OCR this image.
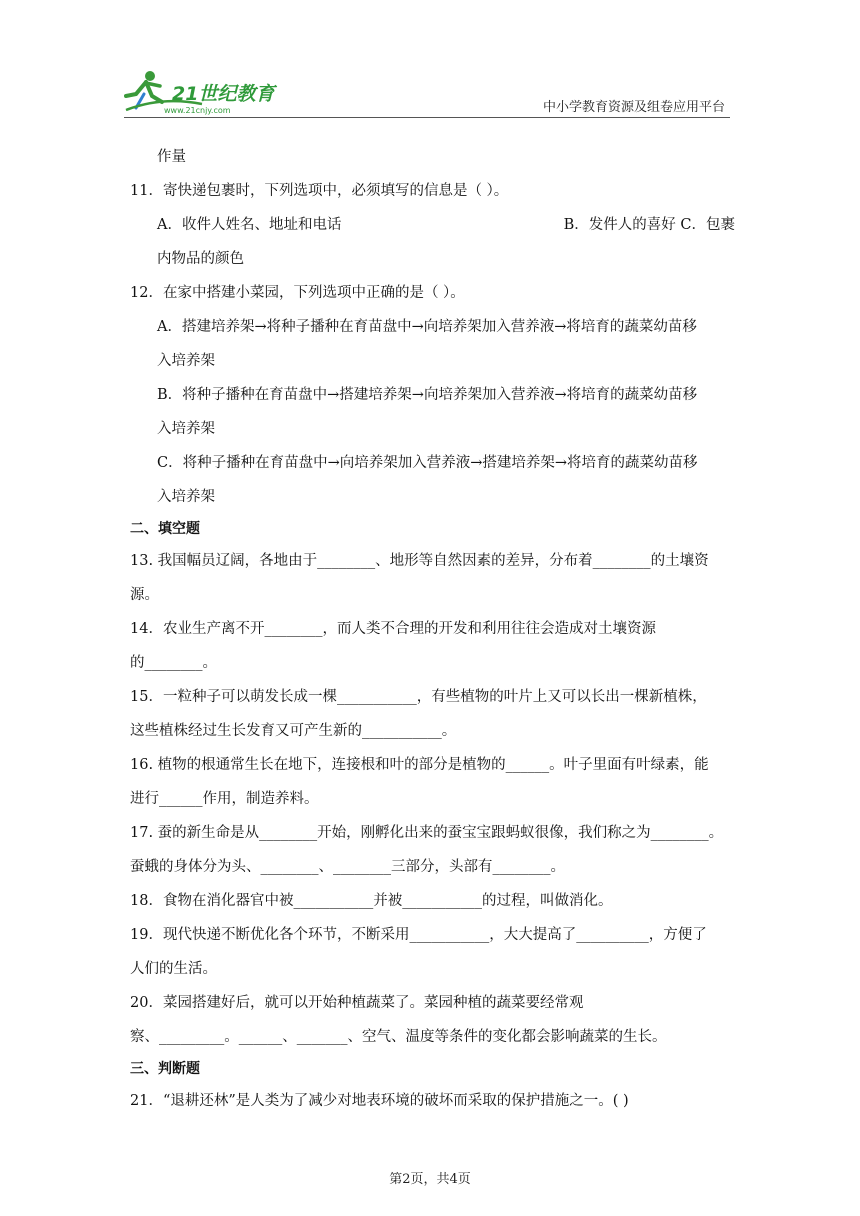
21世纪教育
www.21cnjy.com	中小学教育资源及组卷应用平台
作量
11．寄快递包裹时，下列选项中，必须填写的信息是（ ）。
A．收件人姓名、地址和电话	B．发件人的喜好 C．包裹
内物品的颜色
12．在家中搭建小菜园，下列选项中正确的是（ ）。
A．搭建培养架→将种子播种在育苗盘中→向培养架加入营养液→将培育的蔬菜幼苗移
入培养架
B．将种子播种在育苗盘中→搭建培养架→向培养架加入营养液→将培育的蔬菜幼苗移
入培养架
C．将种子播种在育苗盘中→向培养架加入营养液→搭建培养架→将培育的蔬菜幼苗移
入培养架
二、填空题
13. 我国幅员辽阔，各地由于________、地形等自然因素的差异，分布着________的土壤资
源。
14．农业生产离不开________，而人类不合理的开发和利用往往会造成对土壤资源
的________。
15．一粒种子可以萌发长成一棵___________，有些植物的叶片上又可以长出一棵新植株，
这些植株经过生长发育又可产生新的___________。
16. 植物的根通常生长在地下，连接根和叶的部分是植物的______。叶子里面有叶绿素，能
进行______作用，制造养料。
17. 蚕的新生命是从________开始，刚孵化出来的蚕宝宝跟蚂蚁很像，我们称之为________。
蚕蛾的身体分为头、________、________三部分，头部有________。
18．食物在消化器官中被___________并被___________的过程，叫做消化。
19．现代快递不断优化各个环节，不断采用___________，大大提高了__________，方便了
人们的生活。
20．菜园搭建好后，就可以开始种植蔬菜了。菜园种植的蔬菜要经常观
察、_________。______、_______、空气、温度等条件的变化都会影响蔬菜的生长。
三、判断题
21．“退耕还林”是人类为了减少对地表环境的破坏而采取的保护措施之一。( )
第2页，共4页
